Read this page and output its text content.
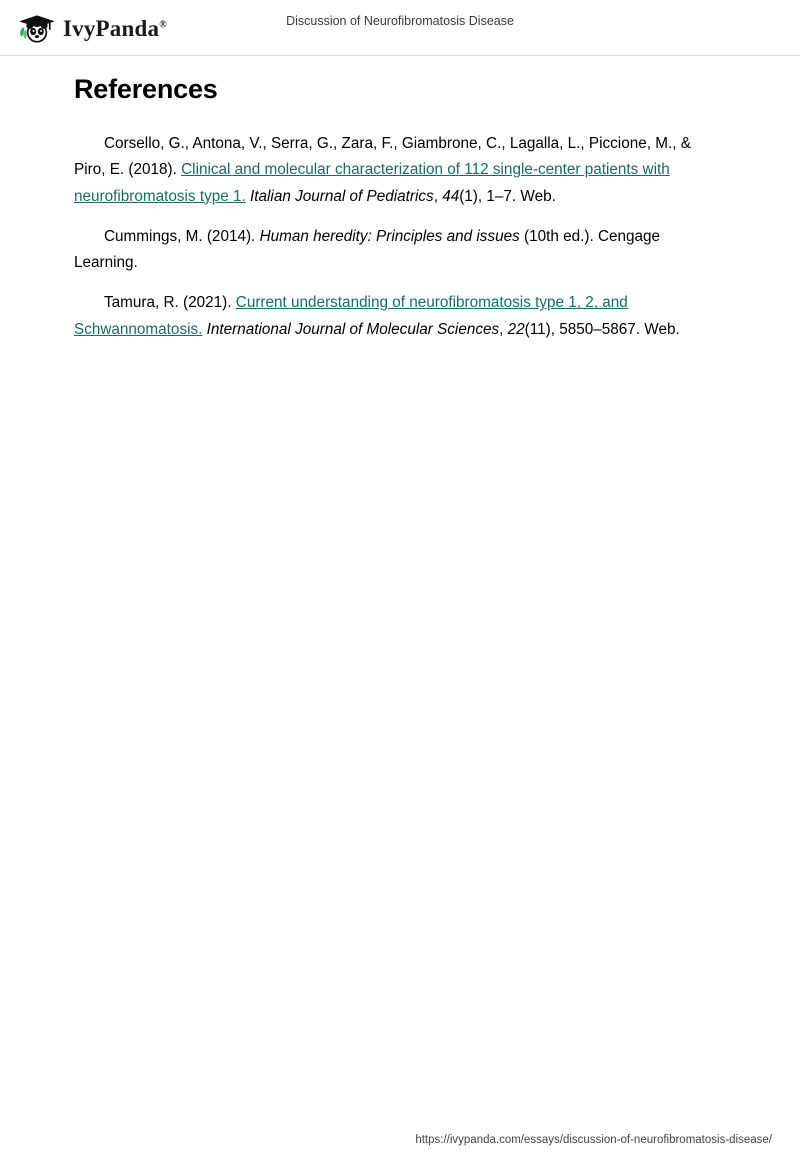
IvyPanda®	Discussion of Neurofibromatosis Disease
References

Corsello, G., Antona, V., Serra, G., Zara, F., Giambrone, C., Lagalla, L., Piccione, M., & Piro, E. (2018). Clinical and molecular characterization of 112 single-center patients with neurofibromatosis type 1. Italian Journal of Pediatrics, 44(1), 1–7. Web.

Cummings, M. (2014). Human heredity: Principles and issues (10th ed.). Cengage Learning.

Tamura, R. (2021). Current understanding of neurofibromatosis type 1, 2, and Schwannomatosis. International Journal of Molecular Sciences, 22(11), 5850–5867. Web.

https://ivypanda.com/essays/discussion-of-neurofibromatosis-disease/
